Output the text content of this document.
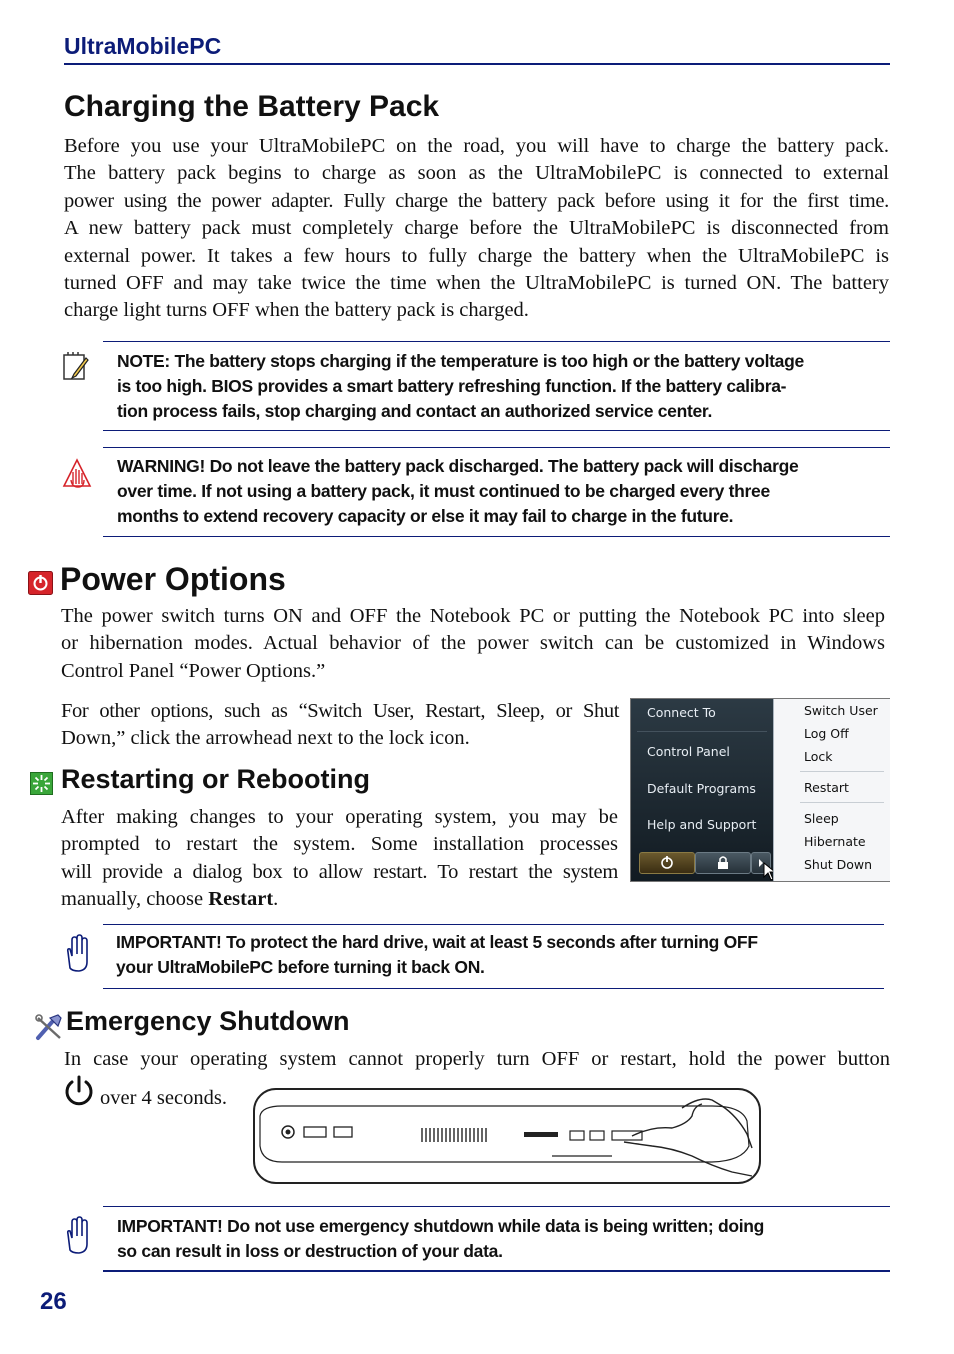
UltraMobilePC
Charging the Battery Pack
Before you use your UltraMobilePC on the road, you will have to charge the battery pack.
The battery pack begins to charge as soon as the UltraMobilePC is connected to external
power using the power adapter. Fully charge the battery pack before using it for the first time.
A new battery pack must completely charge before the UltraMobilePC is disconnected from
external power. It takes a few hours to fully charge the battery when the UltraMobilePC is
turned OFF and may take twice the time when the UltraMobilePC is turned ON. The battery
charge light turns OFF when the battery pack is charged.
NOTE: The battery stops charging if the temperature is too high or the battery voltage
is too high. BIOS provides a smart battery refreshing function. If the battery calibra-
tion process fails, stop charging and contact an authorized service center.
WARNING! Do not leave the battery pack discharged. The battery pack will discharge
over time. If not using a battery pack, it must continued to be charged every three
months to extend recovery capacity or else it may fail to charge in the future.
Power Options
The power switch turns ON and OFF the Notebook PC or putting the Notebook PC into sleep
or hibernation modes. Actual behavior of the power switch can be customized in Windows
Control Panel “Power Options.”
For other options, such as “Switch User, Restart, Sleep, or Shut
Down,” click the arrowhead next to the lock icon.
Connect To
Control Panel
Default Programs
Help and Support
Switch User
Log Off
Lock
Restart
Sleep
Hibernate
Shut Down
Restarting or Rebooting
After making changes to your operating system, you may be
prompted to restart the system. Some installation processes
will provide a dialog box to allow restart. To restart the system
manually, choose Restart.
IMPORTANT! To protect the hard drive, wait at least 5 seconds after turning OFF
your UltraMobilePC before turning it back ON.
Emergency Shutdown
In case your operating system cannot properly turn OFF or restart, hold the power button
over 4 seconds.
IMPORTANT! Do not use emergency shutdown while data is being written; doing
so can result in loss or destruction of your data.
26
